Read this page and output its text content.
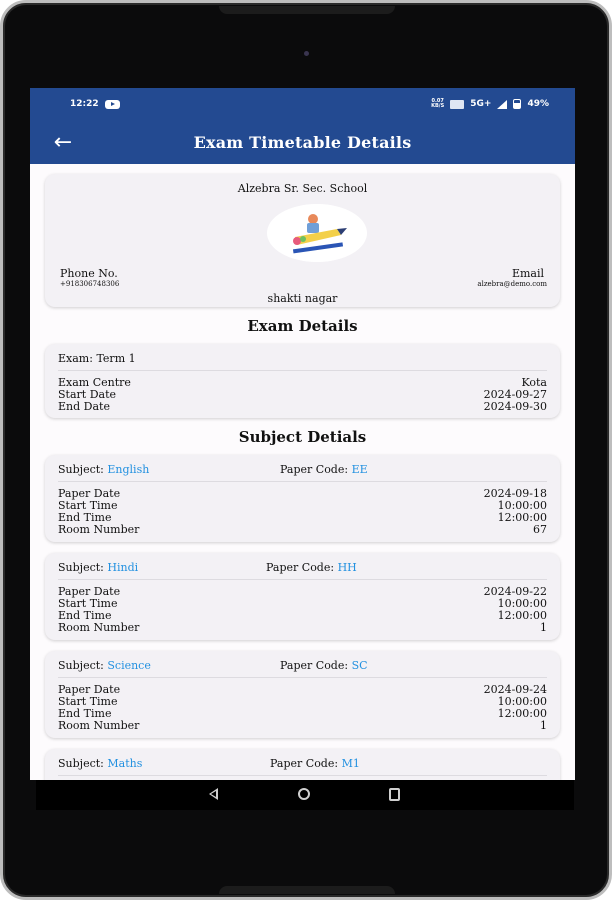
12:22	0.07
KB/S	5G+	49%
←	Exam Timetable Details
Alzebra Sr. Sec. School
Phone No.
+918306748306
Email
alzebra@demo.com
shakti nagar
Exam Details
Exam:
Term 1
Exam Centre	Kota
Start Date	2024-09-27
End Date	2024-09-30
Subject Detials
Subject:
English	Paper Code: EE
Paper Date	2024-09-18
Start Time	10:00:00
End Time	12:00:00
Room Number	67
Subject:
Hindi	Paper Code: HH
Paper Date	2024-09-22
Start Time	10:00:00
End Time	12:00:00
Room Number	1
Subject:
Science	Paper Code: SC
Paper Date	2024-09-24
Start Time	10:00:00
End Time	12:00:00
Room Number	1
Subject:
Maths	Paper Code: M1
